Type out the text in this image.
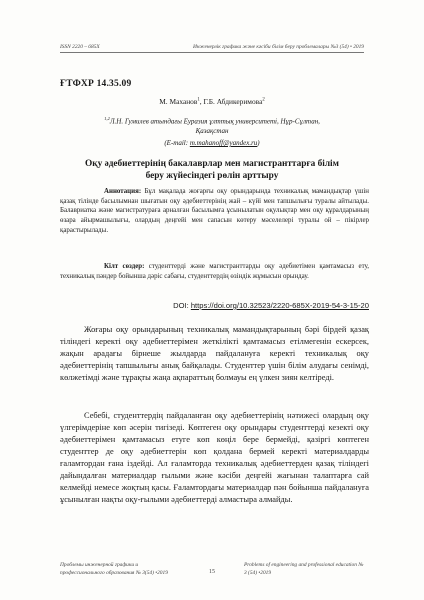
ISSN 2220 – 685X	Инженерлік графика және кәсіби білім беру проблемалары №3 (54) • 2019
ҒТФХР 14.35.09
М. Маханов$^1$, Г.Б. Абдикеримова$^2$
$^{1,2}$Л.Н. Гумилев атындағы Еуразия ұлттық университеті, Нұр-Сұлтан,
Қазақстан
(E-mail: m.mahanoff@yandex.ru)
Оқу әдебиеттерінің бакалаврлар мен магистранттарға білім
беру жүйесіндегі рөлін арттыру
Аннотация: Бұл мақалада жоғарғы оқу орындарында техникалық мамандықтар үшін қазақ тілінде басылымнан шығатын оқу әдебиеттерінің жай – күйі мен тапшылығы туралы айтылады. Балавриатка және магистратураға арналған басылымға ұсынылатын оқулықтар мен оқу құралдарының өзара айырмашылығы, олардың деңгейі мен сапасын көтеру мәселелері туралы ой – пікірлер қарастырылады.
Кілт сөздер: студенттерді және магистранттарды оқу әдебиетімен қамтамасыз ету, техникалық пәндер бойынша дәріс сабағы, студенттердің өзіндік жұмысын орындау.
DOI: https://doi.org/10.32523/2220-685X-2019-54-3-15-20

Жоғары оқу орындарының техникалық мамандықтарының бәрі бірдей қазақ тіліндегі керекті оқу әдебиеттерімен жеткілікті қамтамасыз етілмегенін ескерсек, жақын арадағы бірнеше жылдарда пайдалануға керекті техникалық оқу әдебиеттерінің тапшылығы анық байқалады. Студенттер үшін білім алудағы сенімді, көлжетімді және тұрақты жаңа ақпараттың болмауы ең үлкен зиян келтіреді.

Себебі, студенттердің пайдаланған оқу әдебиеттерінің нәтижесі олардың оқу үлгерімдеріне көп әсерін тигізеді. Көптеген оқу орындары студенттерді кезекті оқу әдебиеттерімен қамтамасыз етуге көп көңіл бере бермейді, қазіргі көптеген студенттер де оқу әдебиеттерін көп қолдана бермей керекті материалдарды ғаламтордан ғана іздейді. Ал ғаламторда техникалық әдебиеттерден қазақ тіліндегі дайындалған материалдар ғылыми және кәсіби деңгейі жағынан талаптарға сай келмейді немесе жоқтың қасы. Ғаламтордағы материалдар пән бойынша пайдалануға ұсынылған нақты оқу-ғылыми әдебиеттерді алмастыра алмайды.

Проблемы инженерной графики и профессионального образования № 3(54) •2019	15
Problems of engineering and professional education № 3 (54) •2019
